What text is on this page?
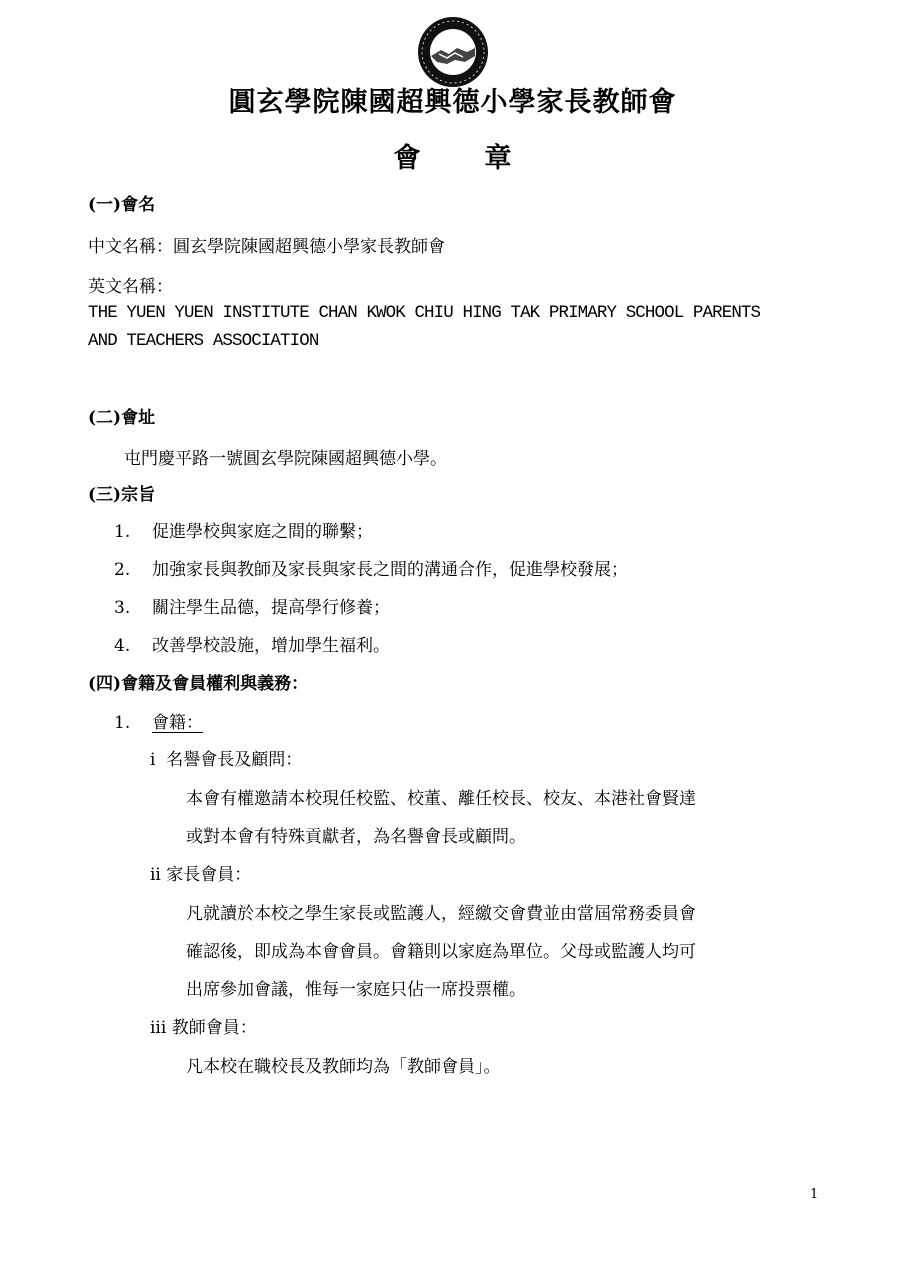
圓玄學院陳國超興德小學家長教師會
會 章
(一)會名
中文名稱：圓玄學院陳國超興德小學家長教師會
英文名稱：
THE YUEN YUEN INSTITUTE CHAN KWOK CHIU HING TAK PRIMARY SCHOOL PARENTS
AND TEACHERS ASSOCIATION
(二)會址
屯門慶平路一號圓玄學院陳國超興德小學。
(三)宗旨
1. 促進學校與家庭之間的聯繫；
2. 加強家長與教師及家長與家長之間的溝通合作，促進學校發展；
3. 關注學生品德，提高學行修養；
4. 改善學校設施，增加學生福利。
(四)會籍及會員權利與義務：
1. 會籍：
i  名譽會長及顧問：
本會有權邀請本校現任校監、校董、離任校長、校友、本港社會賢達
或對本會有特殊貢獻者，為名譽會長或顧問。
ii 家長會員：
凡就讀於本校之學生家長或監護人，經繳交會費並由當屆常務委員會
確認後，即成為本會會員。會籍則以家庭為單位。父母或監護人均可
出席參加會議，惟每一家庭只佔一席投票權。
iii 教師會員：
凡本校在職校長及教師均為「教師會員」。
1
